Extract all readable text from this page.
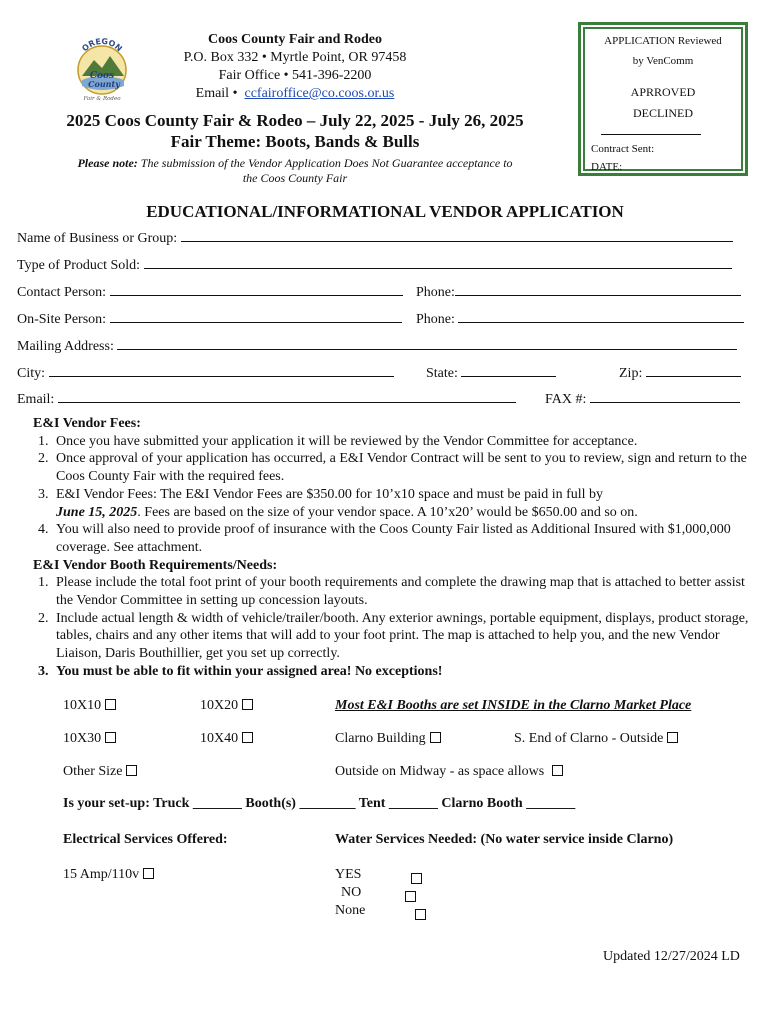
OREGON
Coos
County
Fair & Rodeo
Coos County Fair and Rodeo
P.O. Box 332 • Myrtle Point, OR 97458
Fair Office • 541-396-2200
Email • ccfairoffice@co.coos.or.us
2025 Coos County Fair & Rodeo – July 22, 2025 - July 26, 2025
Fair Theme: Boots, Bands & Bulls
Please note: The submission of the Vendor Application Does Not Guarantee acceptance to the Coos County Fair
APPLICATION Reviewed
by VenComm
APRROVED
DECLINED
Contract Sent:
DATE:
EDUCATIONAL/INFORMATIONAL VENDOR APPLICATION
Name of Business or Group:
Type of Product Sold:
Contact Person:	Phone:
On-Site Person:	Phone:
Mailing Address:
City:	State:	Zip:
Email:	FAX #:
E&I Vendor Fees:
1. Once you have submitted your application it will be reviewed by the Vendor Committee for acceptance.
2. Once approval of your application has occurred, a E&I Vendor Contract will be sent to you to review, sign and return to the Coos County Fair with the required fees.
3. E&I Vendor Fees: The E&I Vendor Fees are $350.00 for 10’x10 space and must be paid in full by
June 15, 2025. Fees are based on the size of your vendor space. A 10’x20’ would be $650.00 and so on.
4. You will also need to provide proof of insurance with the Coos County Fair listed as Additional Insured with $1,000,000 coverage. See attachment.
E&I Vendor Booth Requirements/Needs:
1. Please include the total foot print of your booth requirements and complete the drawing map that is attached to better assist the Vendor Committee in setting up concession layouts.
2. Include actual length & width of vehicle/trailer/booth. Any exterior awnings, portable equipment, displays, product storage, tables, chairs and any other items that will add to your foot print. The map is attached to help you, and the new Vendor Liaison, Daris Bouthillier, get you set up correctly.
3. You must be able to fit within your assigned area! No exceptions!
10X10	10X20	Most E&I Booths are set INSIDE in the Clarno Market Place
10X30	10X40	Clarno Building	S. End of Clarno - Outside
Other Size	Outside on Midway - as space allows
Is your set-up: Truck _______ Booth(s) ________ Tent _______ Clarno Booth _______
Electrical Services Offered:	Water Services Needed: (No water service inside Clarno)
15 Amp/110v	YES
NO
None
Updated 12/27/2024 LD
